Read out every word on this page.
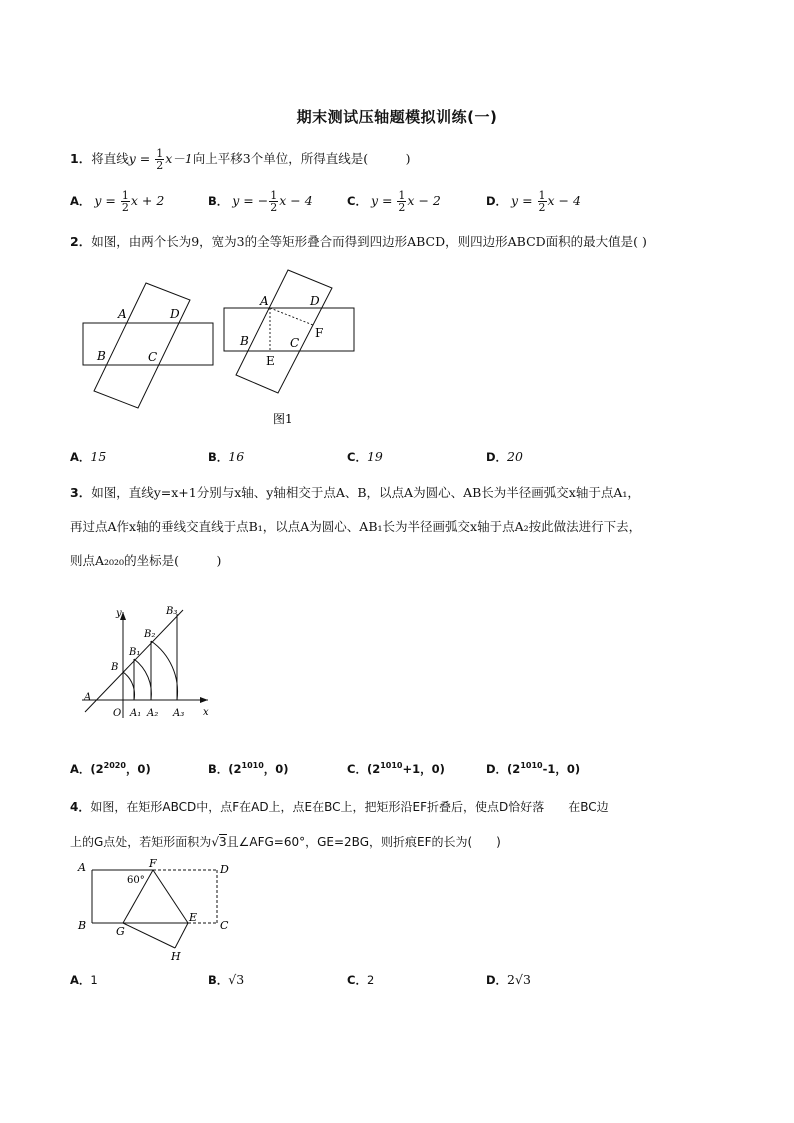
期末测试压轴题模拟训练(一)
1．将直线$y = \frac{1}{2} x-1$向上平移3个单位，所得直线是(　　　)
A． $y = \frac{1}{2}$ x + 2	B． y = − $\frac{1}{2}$ x − 4	C． $y = \frac{1}{2}$ x − 2	D． $y = \frac{1}{2}$ x − 4
2．如图，由两个长为9，宽为3的全等矩形叠合而得到四边形ABCD，则四边形ABCD面积的最大值是( )
A	D
B	C
A	D
B	C
E
F
图1
A．15	B．16	C．19	D．20
3．如图，直线y=x+1分别与x轴、y轴相交于点A、B，以点A为圆心、AB长为半径画弧交x轴于点A₁，
再过点A作x轴的垂线交直线于点B₁，以点A为圆心、AB₁长为半径画弧交x轴于点A₂按此做法进行下去，
则点A₂₀₂₀的坐标是(　　　)
y
x
O
A
B
B₁
B₂
B₃
A₁ A₂ A₃
A．($2^{2020}$，0)	B．($2^{1010}$，0)	C．($2^{1010}+1$，0)	D．($2^{1010}-1$，0)
4．如图，在矩形ABCD中，点F在AD上，点E在BC上，把矩形沿EF折叠后，使点D恰好落　　在BC边
上的G点处，若矩形面积为√3且∠AFG=60°，GE=2BG，则折痕EF的长为(　　)
A	F	D
B	G
E
C
H
60°
A．1	B．√3	C．2	D．2√3
